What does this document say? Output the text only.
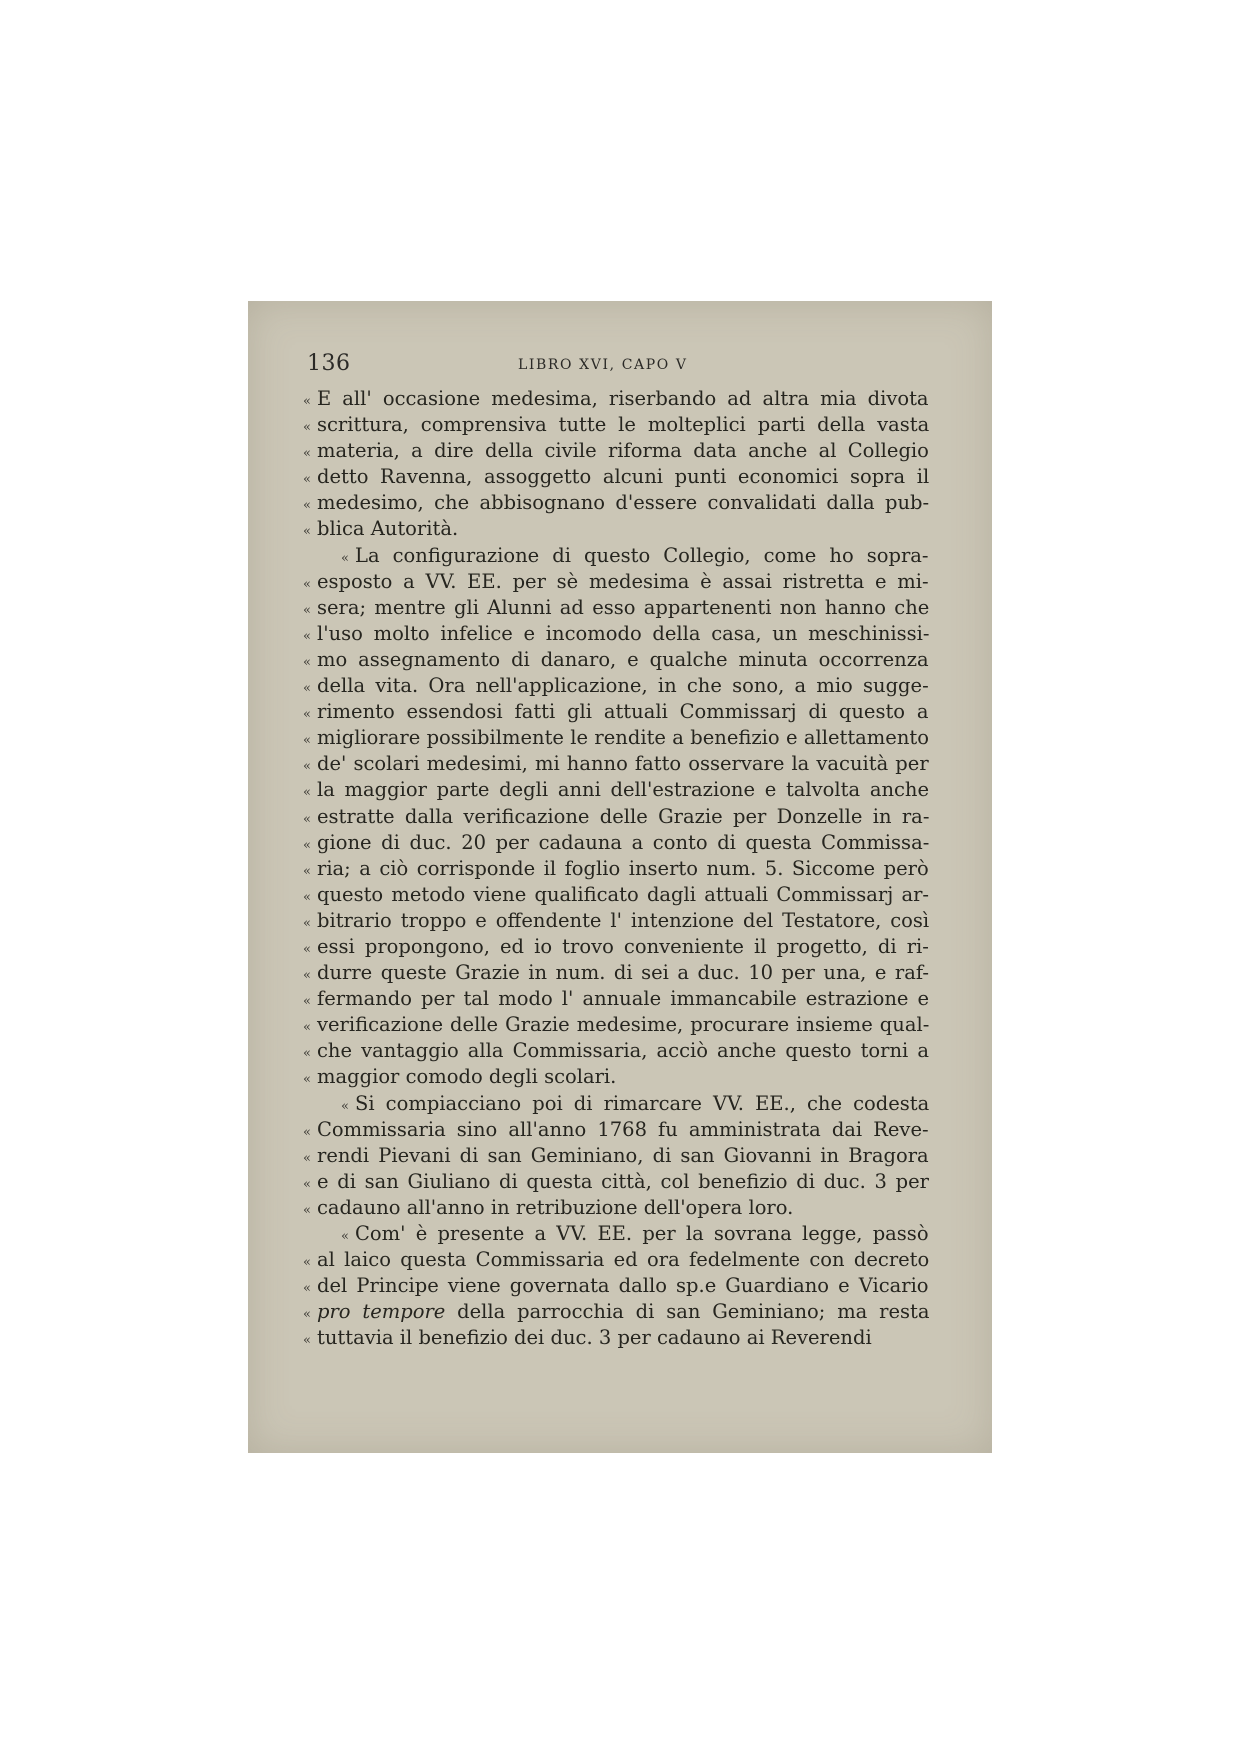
136	LIBRO XVI, CAPO V
« E all' occasione medesima, riserbando ad altra mia divota
« scrittura, comprensiva tutte le molteplici parti della vasta
« materia, a dire della civile riforma data anche al Collegio
« detto Ravenna, assoggetto alcuni punti economici sopra il
« medesimo, che abbisognano d'essere convalidati dalla pub-
« blica Autorità.
« La configurazione di questo Collegio, come ho sopra-
« esposto a VV. EE. per sè medesima è assai ristretta e mi-
« sera; mentre gli Alunni ad esso appartenenti non hanno che
« l'uso molto infelice e incomodo della casa, un meschinissi-
« mo assegnamento di danaro, e qualche minuta occorrenza
« della vita. Ora nell'applicazione, in che sono, a mio sugge-
« rimento essendosi fatti gli attuali Commissarj di questo a
« migliorare possibilmente le rendite a benefizio e allettamento
« de' scolari medesimi, mi hanno fatto osservare la vacuità per
« la maggior parte degli anni dell'estrazione e talvolta anche
« estratte dalla verificazione delle Grazie per Donzelle in ra-
« gione di duc. 20 per cadauna a conto di questa Commissa-
« ria; a ciò corrisponde il foglio inserto num. 5. Siccome però
« questo metodo viene qualificato dagli attuali Commissarj ar-
« bitrario troppo e offendente l' intenzione del Testatore, così
« essi propongono, ed io trovo conveniente il progetto, di ri-
« durre queste Grazie in num. di sei a duc. 10 per una, e raf-
« fermando per tal modo l' annuale immancabile estrazione e
« verificazione delle Grazie medesime, procurare insieme qual-
« che vantaggio alla Commissaria, acciò anche questo torni a
« maggior comodo degli scolari.
« Si compiacciano poi di rimarcare VV. EE., che codesta
« Commissaria sino all'anno 1768 fu amministrata dai Reve-
« rendi Pievani di san Geminiano, di san Giovanni in Bragora
« e di san Giuliano di questa città, col benefizio di duc. 3 per
« cadauno all'anno in retribuzione dell'opera loro.
« Com' è presente a VV. EE. per la sovrana legge, passò
« al laico questa Commissaria ed ora fedelmente con decreto
« del Principe viene governata dallo sp.e Guardiano e Vicario
« pro tempore della parrocchia di san Geminiano; ma resta
« tuttavia il benefizio dei duc. 3 per cadauno ai Reverendi
